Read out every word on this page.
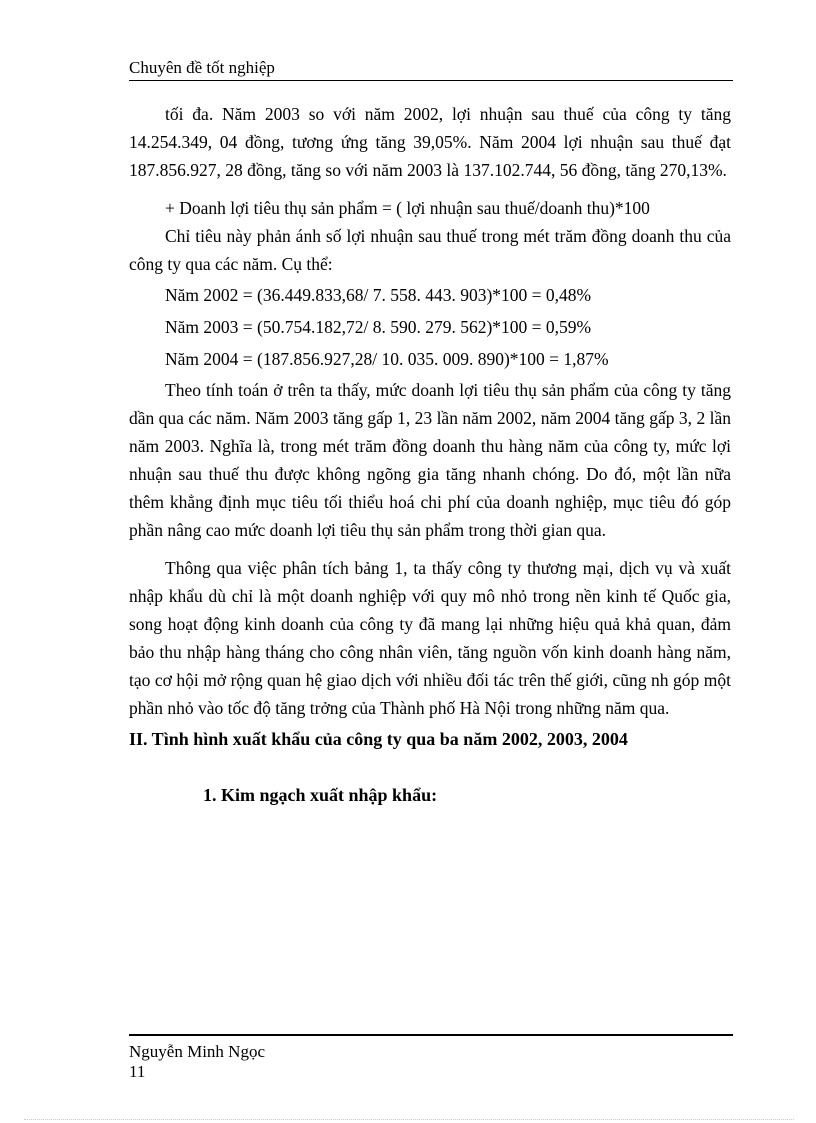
Chuyên đề tốt nghiệp

tối đa. Năm 2003 so với năm 2002, lợi nhuận sau thuế của công ty tăng 14.254.349, 04 đồng, tương ứng tăng 39,05%. Năm 2004 lợi nhuận sau thuế đạt 187.856.927, 28 đồng, tăng so với năm 2003 là 137.102.744, 56 đồng, tăng 270,13%.

+ Doanh lợi tiêu thụ sản phẩm = ( lợi nhuận sau thuế/doanh thu)*100

Chỉ tiêu này phản ánh số lợi nhuận sau thuế trong mét trăm đồng doanh thu của công ty qua các năm. Cụ thể:

Năm 2002 = (36.449.833,68/ 7. 558. 443. 903)*100 = 0,48%
Năm 2003 = (50.754.182,72/ 8. 590. 279. 562)*100 = 0,59%
Năm 2004 = (187.856.927,28/ 10. 035. 009. 890)*100 = 1,87%

Theo tính toán ở trên ta thấy, mức doanh lợi tiêu thụ sản phẩm của công ty tăng dần qua các năm. Năm 2003 tăng gấp 1, 23 lần năm 2002, năm 2004 tăng gấp 3, 2 lần năm 2003. Nghĩa là, trong mét trăm đồng doanh thu hàng năm của công ty, mức lợi nhuận sau thuế thu được không ngõng gia tăng nhanh chóng. Do đó, một lần nữa thêm khẳng định mục tiêu tối thiểu hoá chi phí của doanh nghiệp, mục tiêu đó góp phần nâng cao mức doanh lợi tiêu thụ sản phẩm trong thời gian qua.

Thông qua việc phân tích bảng 1, ta thấy công ty thương mại, dịch vụ và xuất nhập khẩu dù chỉ là một doanh nghiệp với quy mô nhỏ trong nền kinh tế Quốc gia, song hoạt động kinh doanh của công ty đã mang lại những hiệu quả khả quan, đảm bảo thu nhập hàng tháng cho công nhân viên, tăng nguồn vốn kinh doanh hàng năm, tạo cơ hội mở rộng quan hệ giao dịch với nhiều đối tác trên thế giới, cũng nh góp một phần nhỏ vào tốc độ tăng trởng của Thành phố Hà Nội trong những năm qua.

II. Tình hình xuất khẩu của công ty qua ba năm 2002, 2003, 2004
1. Kim ngạch xuất nhập khẩu:
Nguyễn Minh Ngọc
11
